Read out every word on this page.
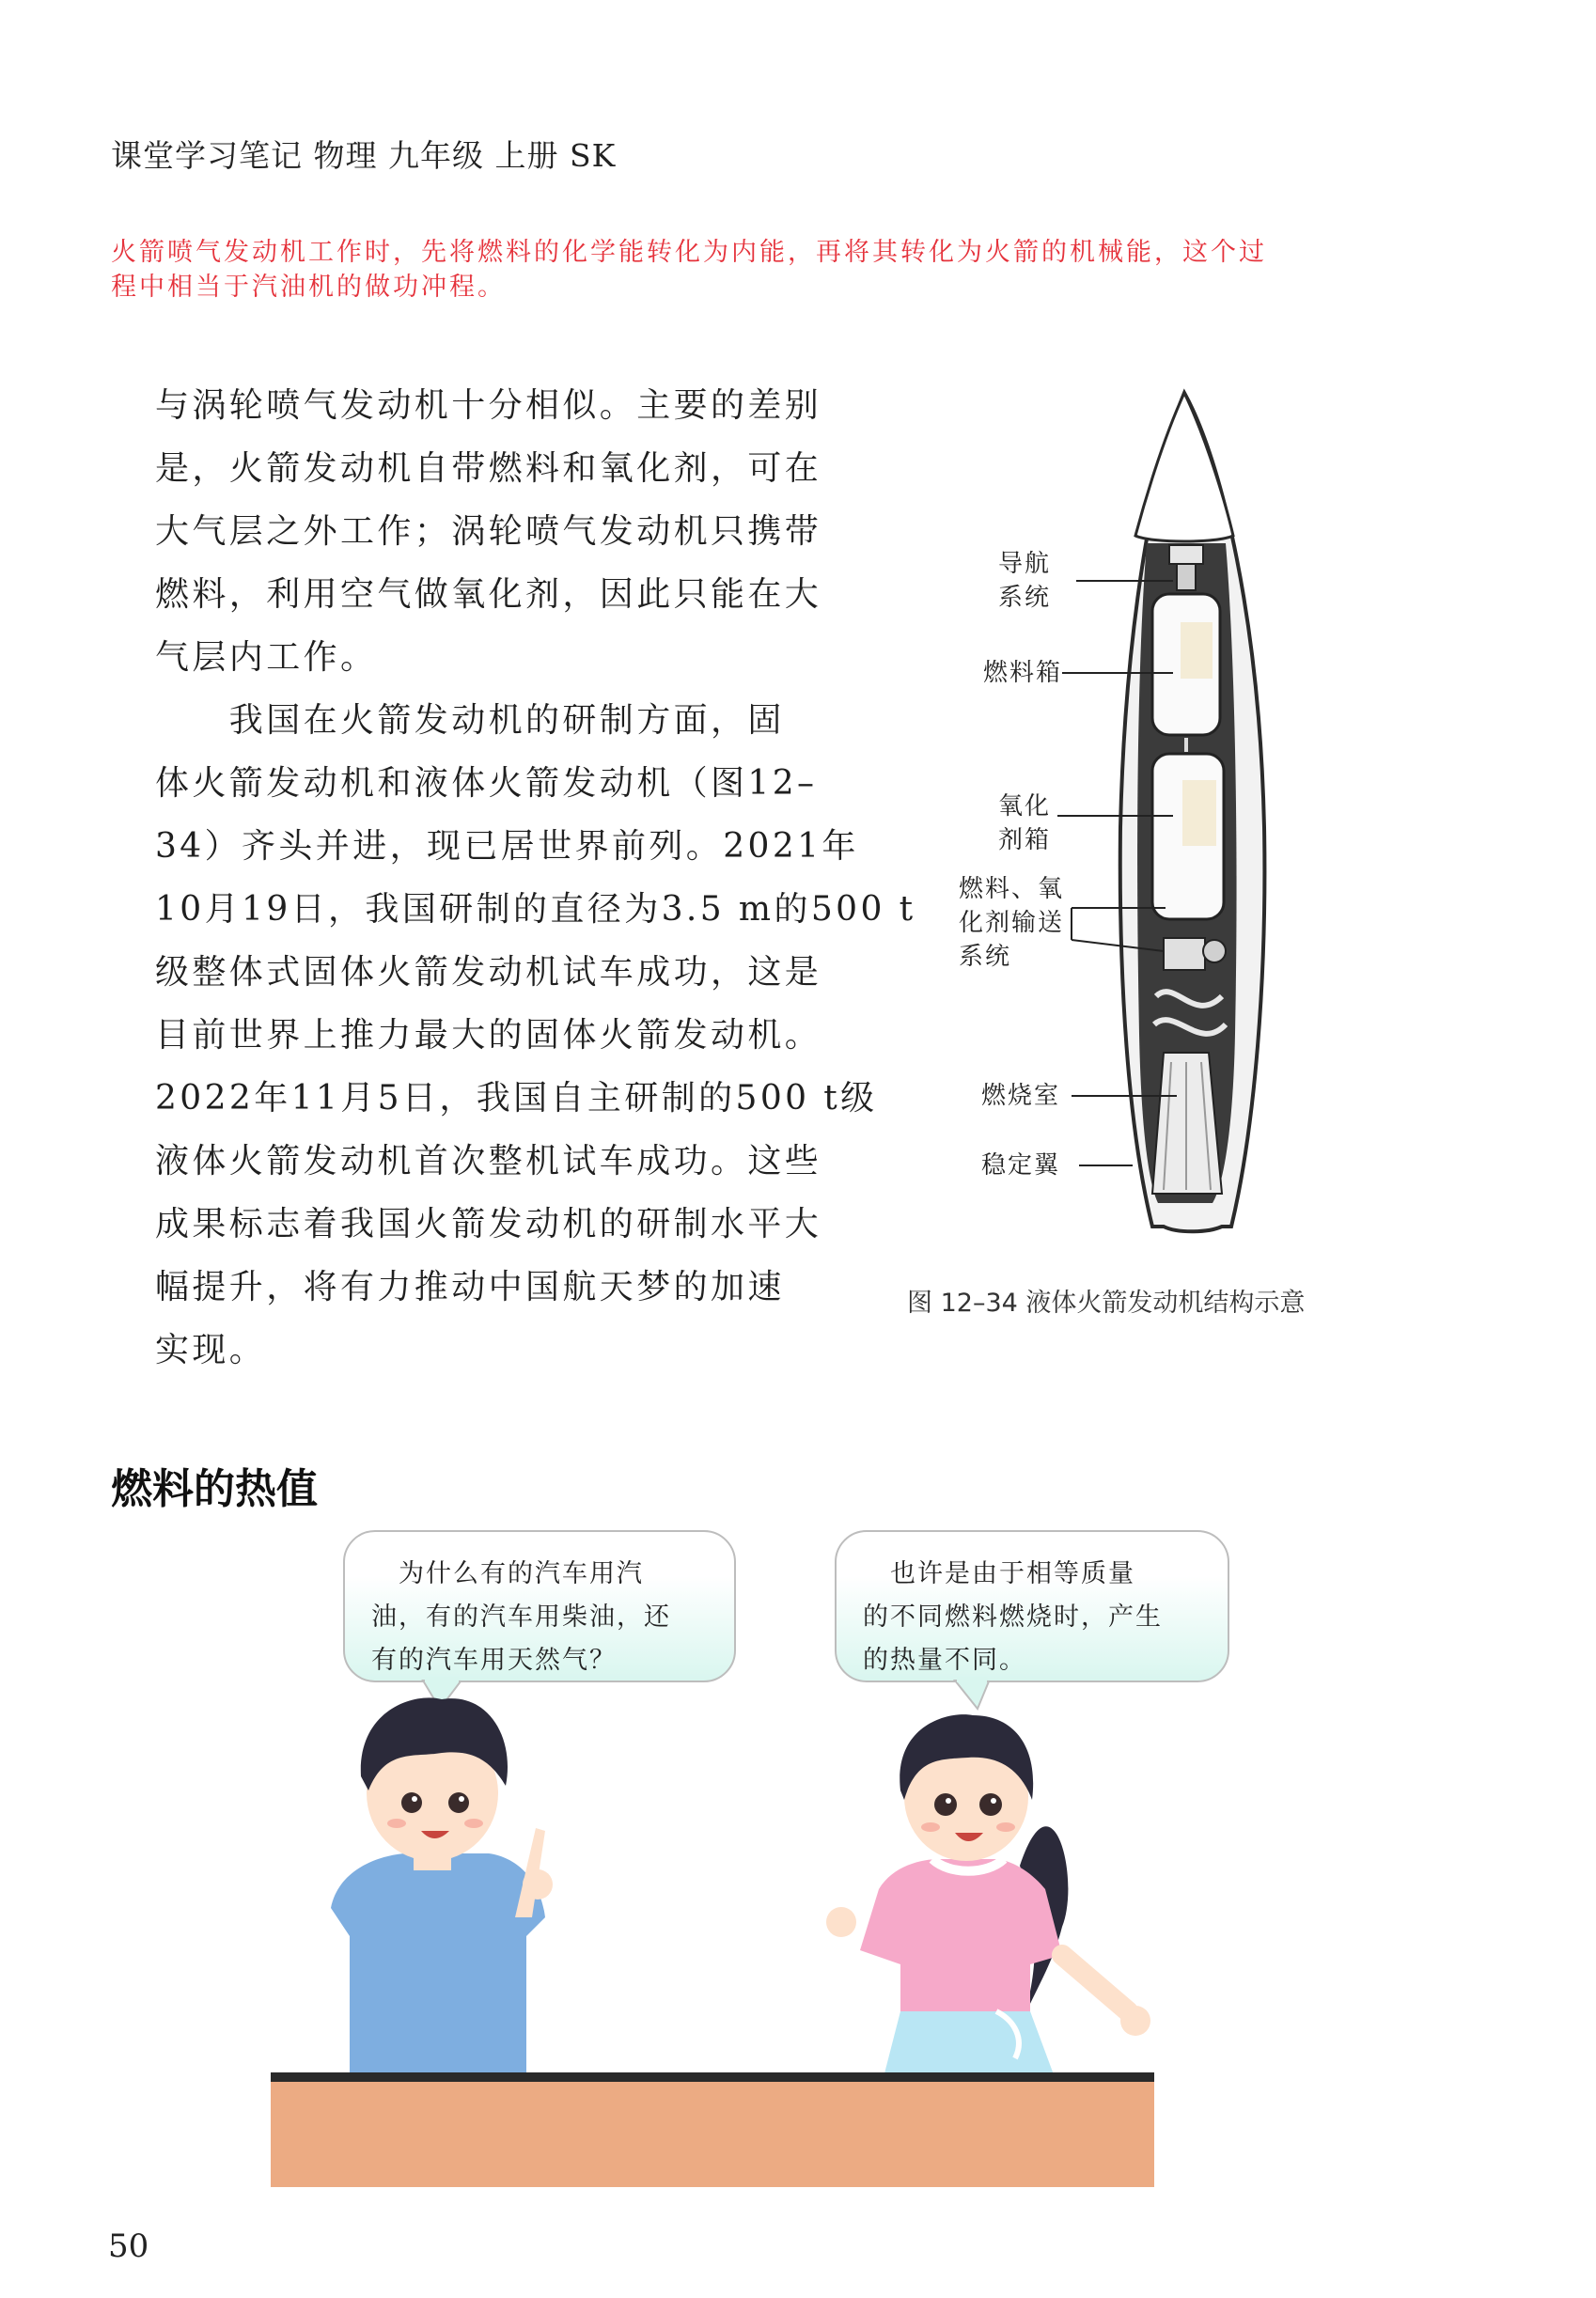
课堂学习笔记 物理 九年级 上册 SK
火箭喷气发动机工作时，先将燃料的化学能转化为内能，再将其转化为火箭的机械能，这个过
程中相当于汽油机的做功冲程。
与涡轮喷气发动机十分相似。主要的差别
是，火箭发动机自带燃料和氧化剂，可在
大气层之外工作；涡轮喷气发动机只携带
燃料，利用空气做氧化剂，因此只能在大
气层内工作。
　　我国在火箭发动机的研制方面，固
体火箭发动机和液体火箭发动机（图12–
34）齐头并进，现已居世界前列。2021年
10月19日，我国研制的直径为3.5 m的500 t
级整体式固体火箭发动机试车成功，这是
目前世界上推力最大的固体火箭发动机。
2022年11月5日，我国自主研制的500 t级
液体火箭发动机首次整机试车成功。这些
成果标志着我国火箭发动机的研制水平大
幅提升，将有力推动中国航天梦的加速
实现。
导航
系统
燃料箱
氧化
剂箱
燃料、氧
化剂输送
系统
燃烧室
稳定翼
图 12–34 液体火箭发动机结构示意
燃料的热值
　为什么有的汽车用汽
油，有的汽车用柴油，还
有的汽车用天然气？
　也许是由于相等质量
的不同燃料燃烧时，产生
的热量不同。
50
